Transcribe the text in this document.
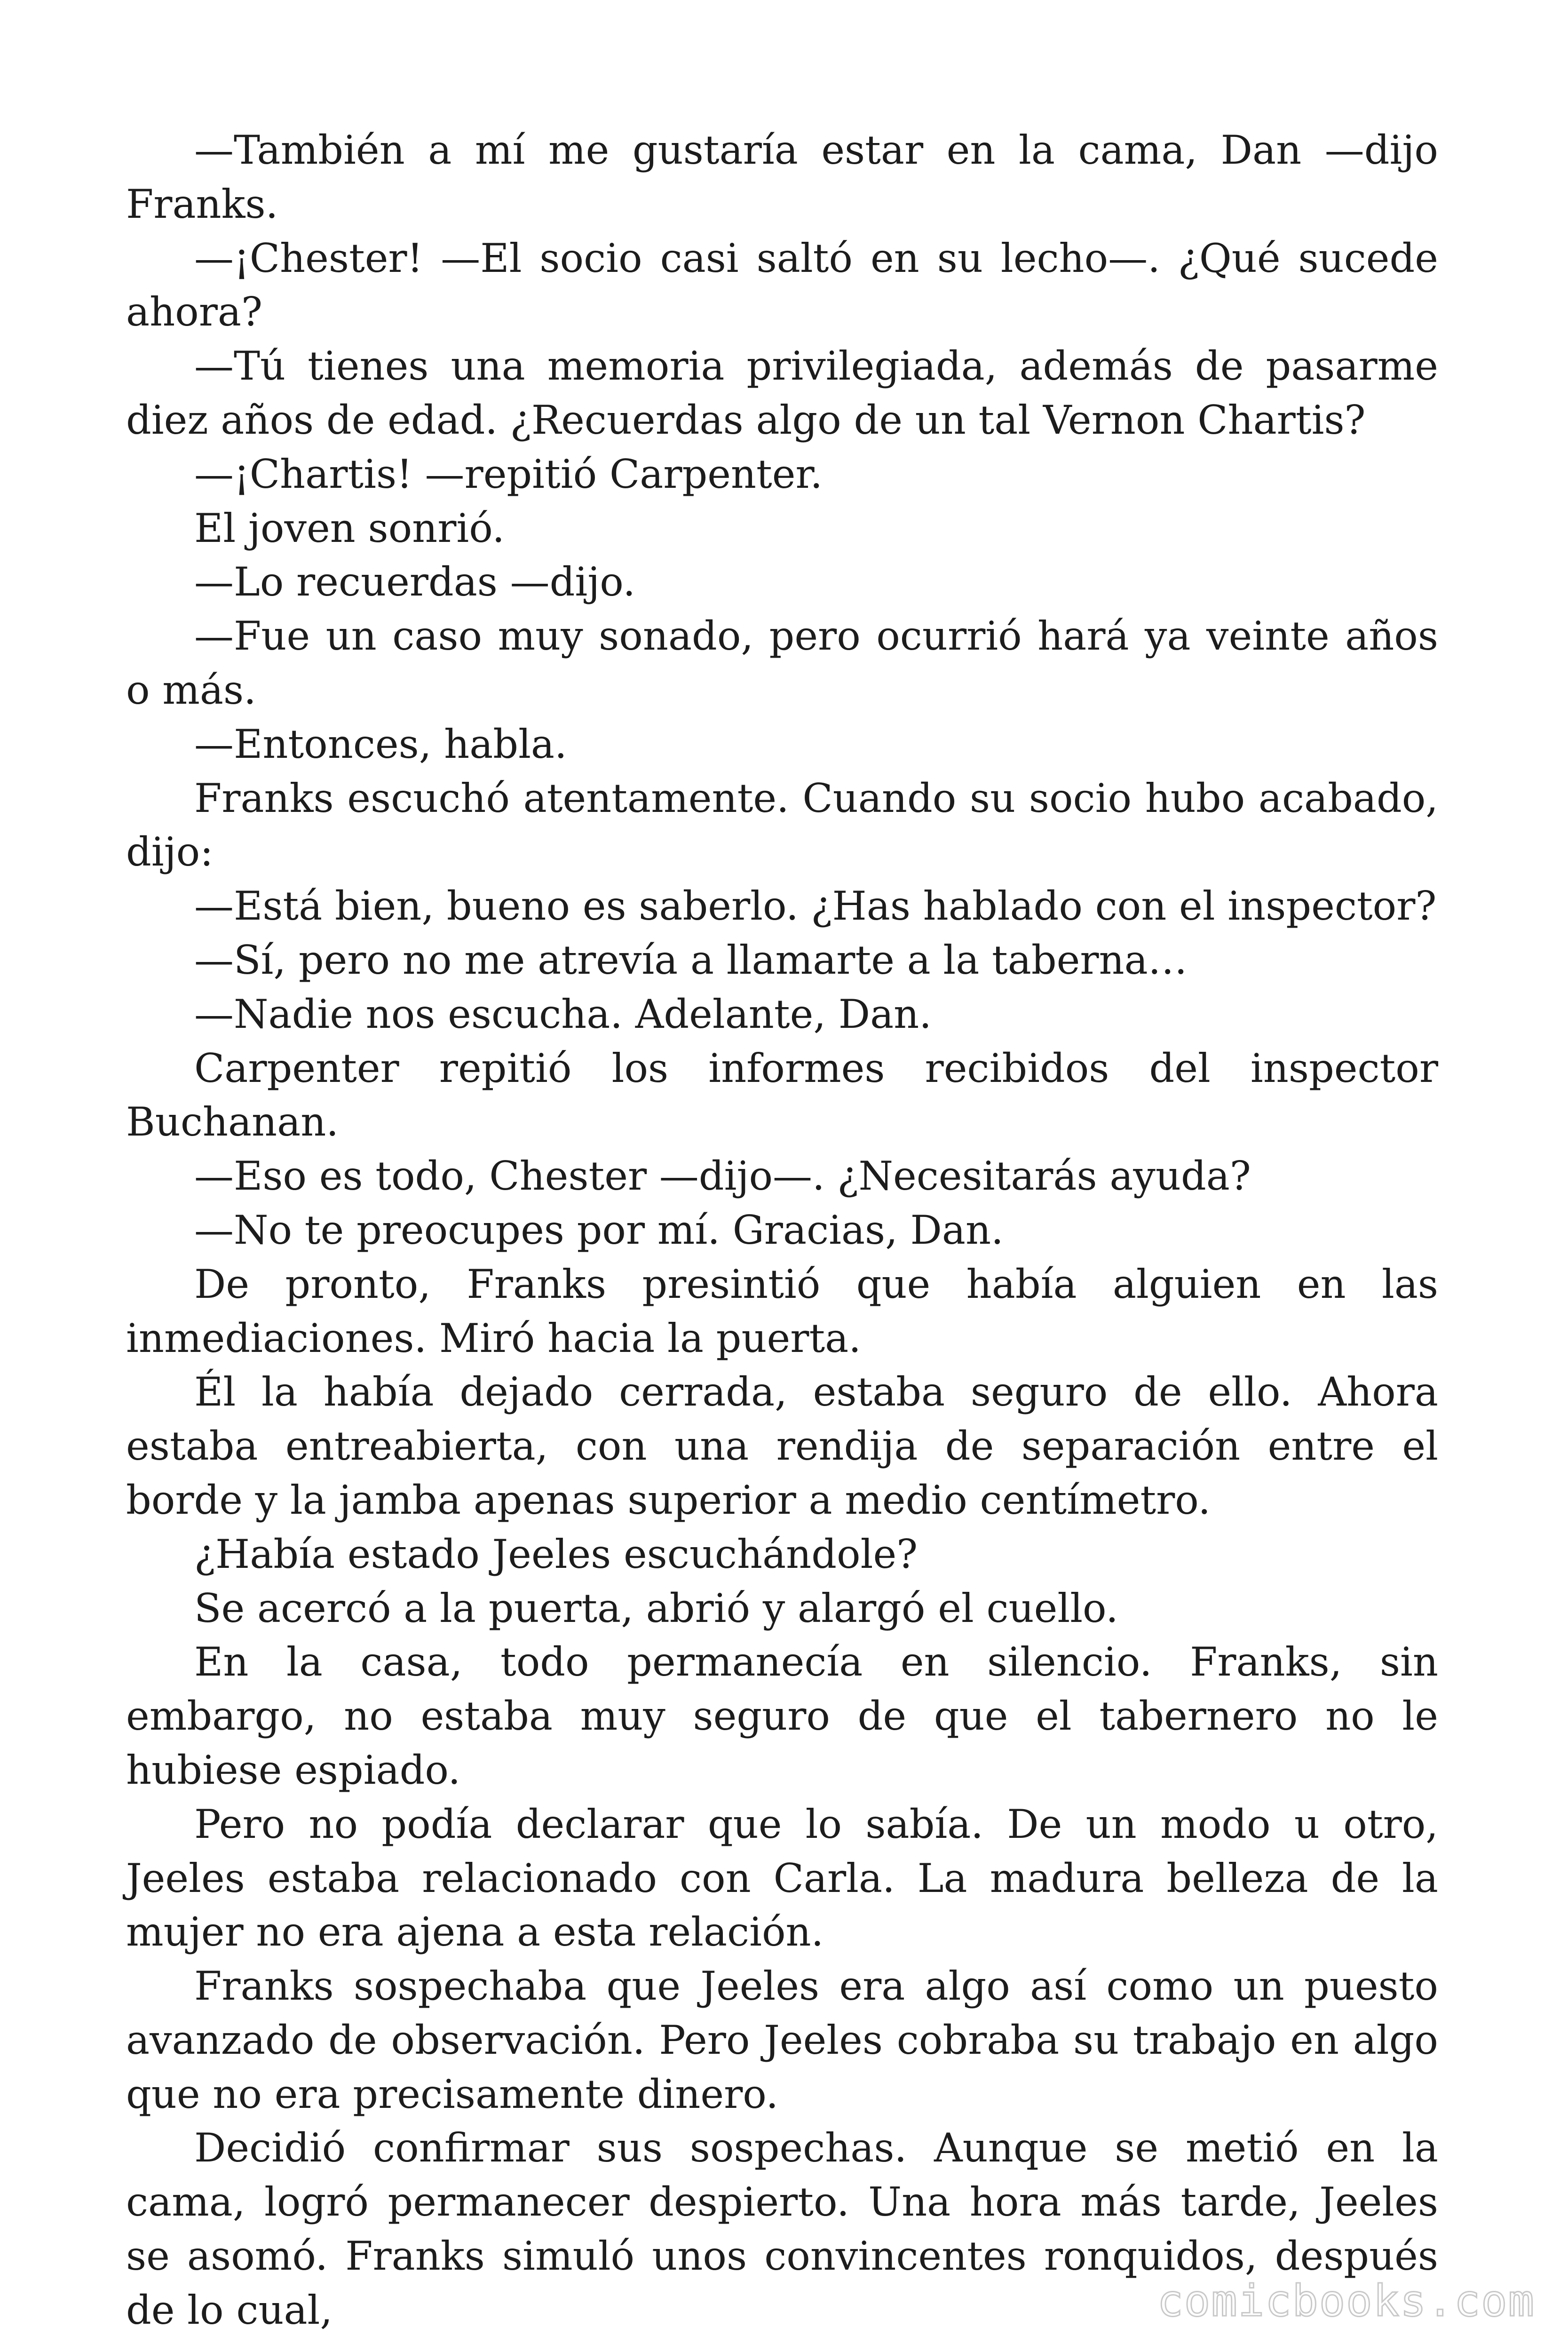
—También a mí me gustaría estar en la cama, Dan —dijo Franks.

—¡Chester! —El socio casi saltó en su lecho—. ¿Qué sucede ahora?

—Tú tienes una memoria privilegiada, además de pasarme diez años de edad. ¿Recuerdas algo de un tal Vernon Chartis?

—¡Chartis! —repitió Carpenter.

El joven sonrió.

—Lo recuerdas —dijo.

—Fue un caso muy sonado, pero ocurrió hará ya veinte años o más.

—Entonces, habla.

Franks escuchó atentamente. Cuando su socio hubo acabado, dijo:

—Está bien, bueno es saberlo. ¿Has hablado con el inspector?

—Sí, pero no me atrevía a llamarte a la taberna…

—Nadie nos escucha. Adelante, Dan.

Carpenter repitió los informes recibidos del inspector Buchanan.

—Eso es todo, Chester —dijo—. ¿Necesitarás ayuda?

—No te preocupes por mí. Gracias, Dan.

De pronto, Franks presintió que había alguien en las inmediaciones. Miró hacia la puerta.

Él la había dejado cerrada, estaba seguro de ello. Ahora estaba entreabierta, con una rendija de separación entre el borde y la jamba apenas superior a medio centímetro.

¿Había estado Jeeles escuchándole?

Se acercó a la puerta, abrió y alargó el cuello.

En la casa, todo permanecía en silencio. Franks, sin embargo, no estaba muy seguro de que el tabernero no le hubiese espiado.

Pero no podía declarar que lo sabía. De un modo u otro, Jeeles estaba relacionado con Carla. La madura belleza de la mujer no era ajena a esta relación.

Franks sospechaba que Jeeles era algo así como un puesto avanzado de observación. Pero Jeeles cobraba su trabajo en algo que no era precisamente dinero.

Decidió confirmar sus sospechas. Aunque se metió en la cama, logró permanecer despierto. Una hora más tarde, Jeeles se asomó. Franks simuló unos convincentes ronquidos, después de lo cual,	comicbooks.com
